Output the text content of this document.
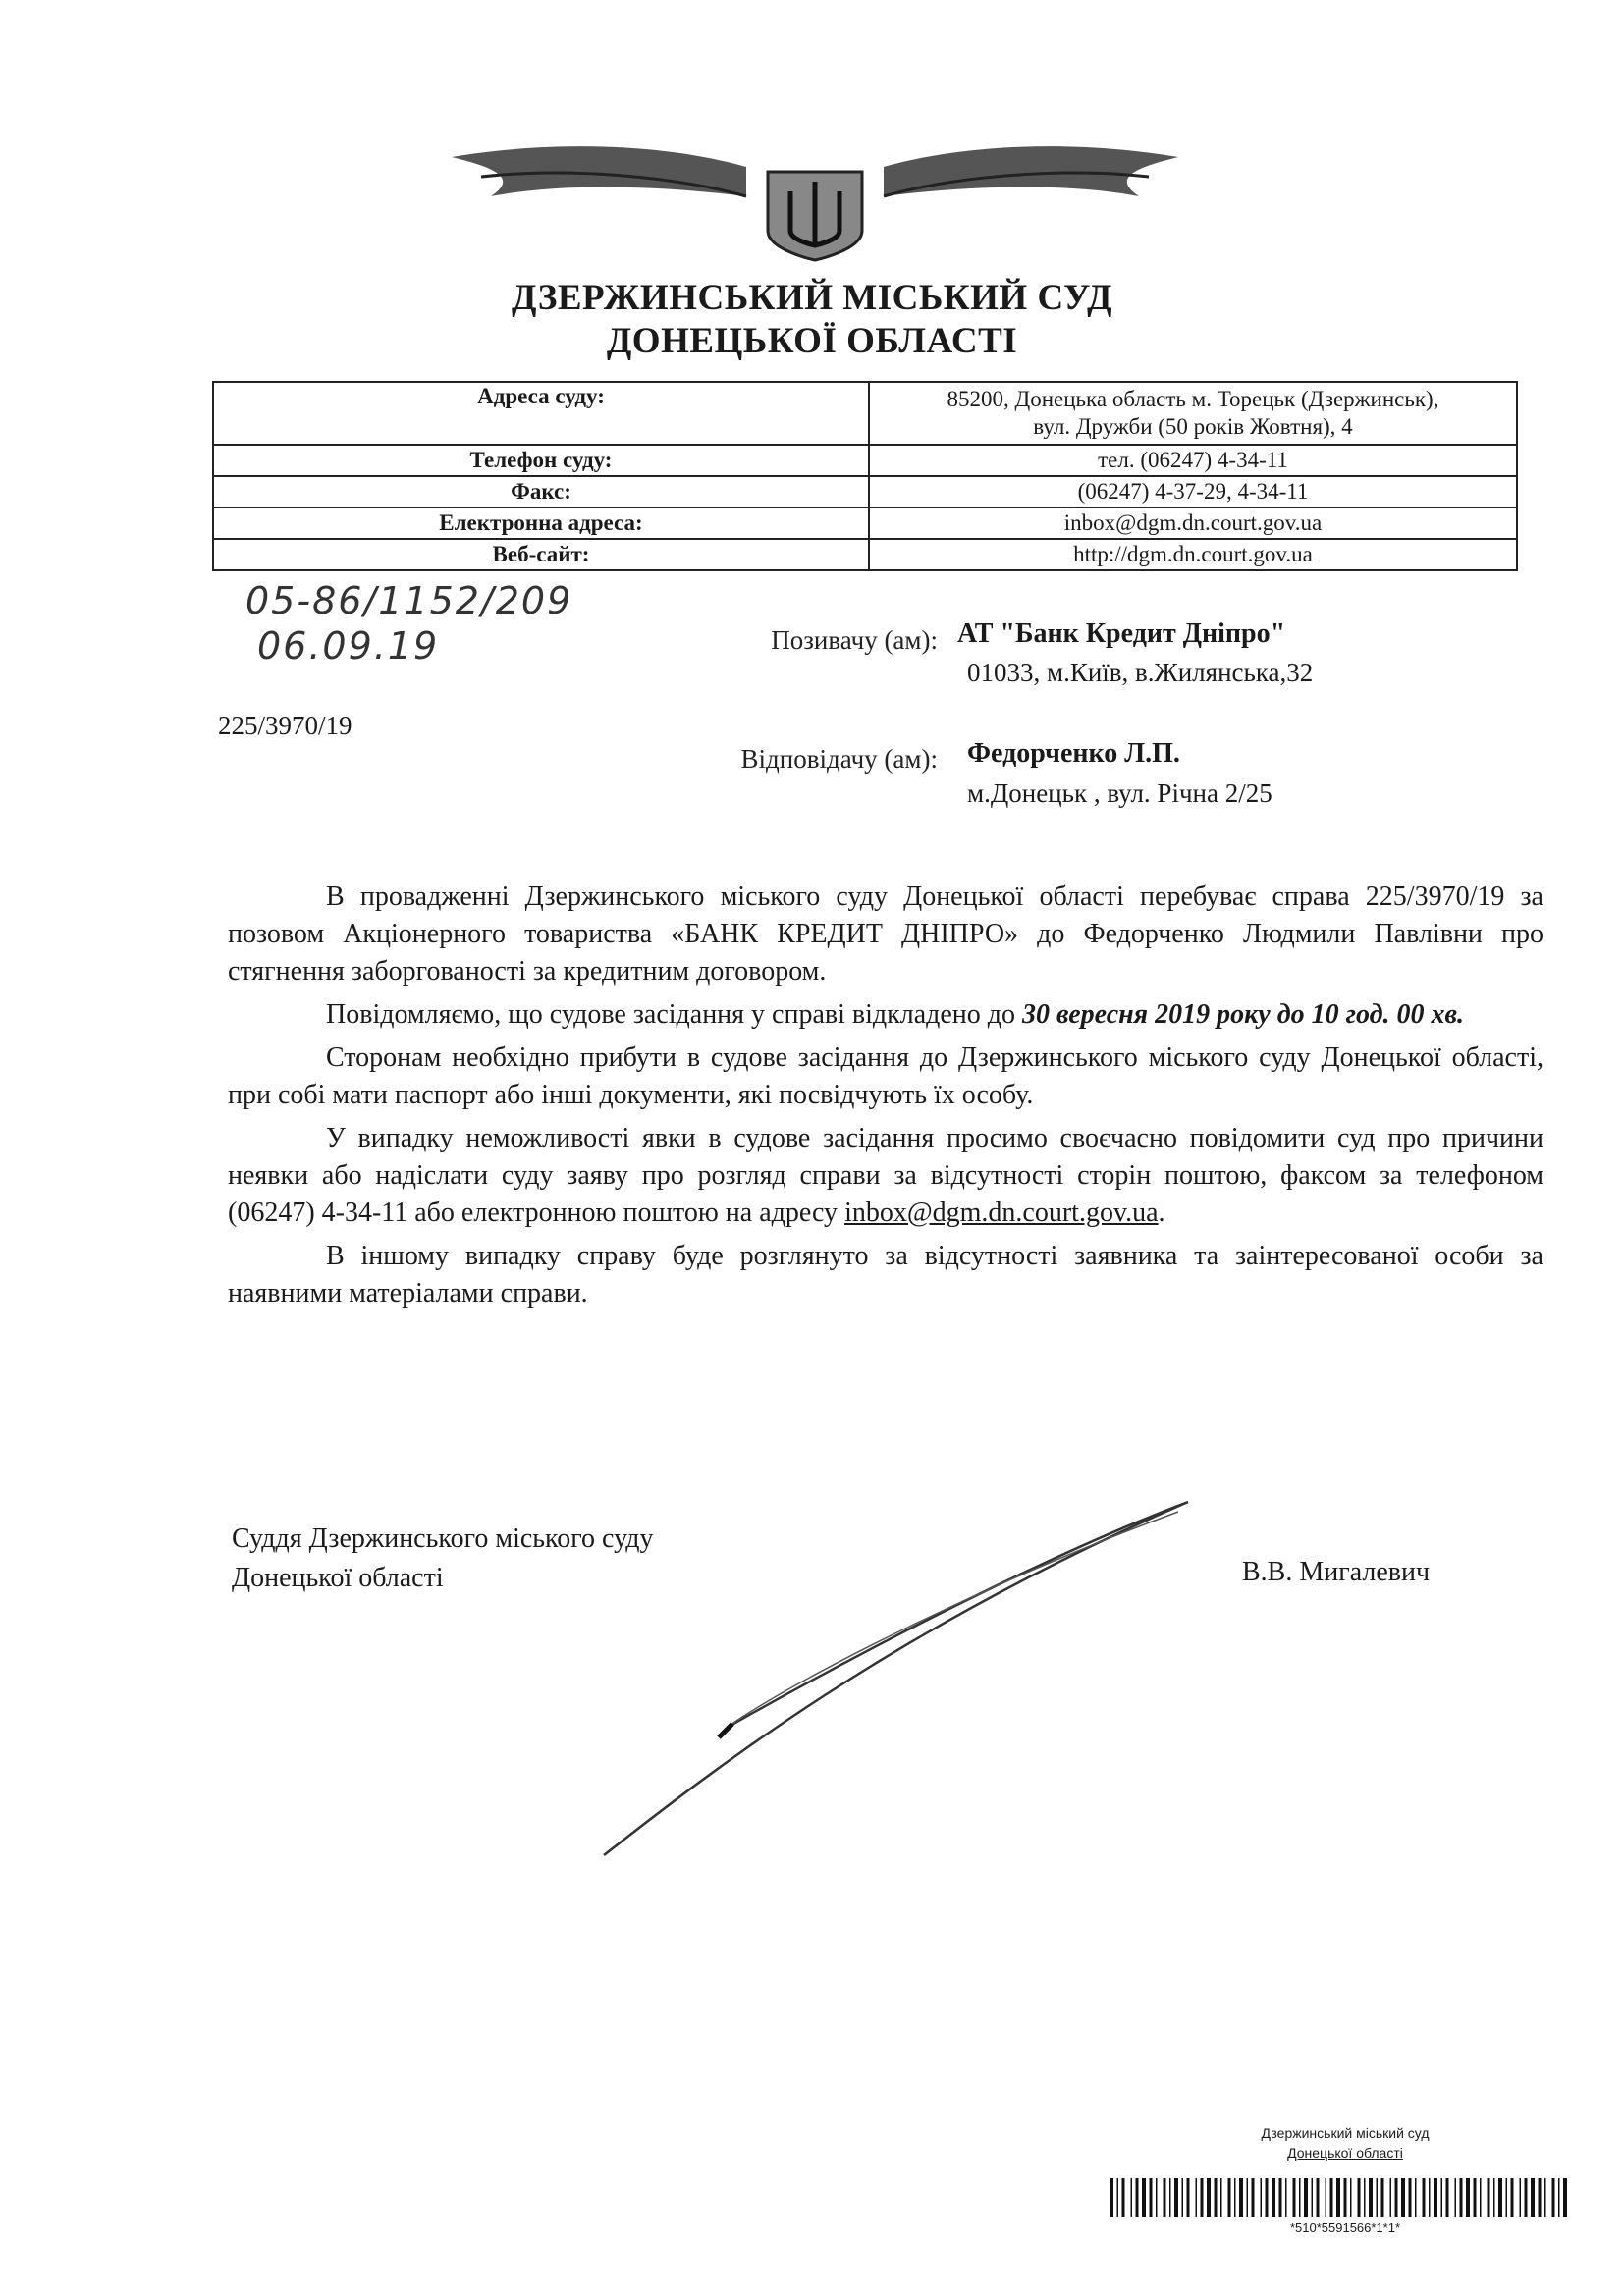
ДЗЕРЖИНСЬКИЙ МІСЬКИЙ СУД
ДОНЕЦЬКОЇ ОБЛАСТІ
Адреса суду:	85200, Донецька область м. Торецьк (Дзержинськ),
вул. Дружби (50 років Жовтня), 4

Телефон суду:	тел. (06247) 4-34-11
Факс:	(06247) 4-37-29, 4-34-11
Електронна адреса:	inbox@dgm.dn.court.gov.ua
Веб-сайт:	http://dgm.dn.court.gov.ua
05-86/1152/209
06.09.19
225/3970/19
Позивачу (ам): АТ "Банк Кредит Дніпро"
01033, м.Київ, в.Жилянська,32
Відповідачу (ам): Федорченко Л.П.
м.Донецьк , вул. Річна 2/25

В провадженні Дзержинського міського суду Донецької області перебуває справа 225/3970/19 за позовом Акціонерного товариства «БАНК КРЕДИТ ДНІПРО» до Федорченко Людмили Павлівни про стягнення заборгованості за кредитним договором.

Повідомляємо, що судове засідання у справі відкладено до 30 вересня 2019 року до 10 год. 00 хв.

Сторонам необхідно прибути в судове засідання до Дзержинського міського суду Донецької області, при собі мати паспорт або інші документи, які посвідчують їх особу.

У випадку неможливості явки в судове засідання просимо своєчасно повідомити суд про причини неявки або надіслати суду заяву про розгляд справи за відсутності сторін поштою, факсом за телефоном (06247) 4-34-11 або електронною поштою на адресу inbox@dgm.dn.court.gov.ua.

В іншому випадку справу буде розглянуто за відсутності заявника та заінтересованої особи за наявними матеріалами справи.

Суддя Дзержинського міського суду
Донецької області	В.В. Мигалевич
Дзержинський міський суд
Донецької області
*510*5591566*1*1*
